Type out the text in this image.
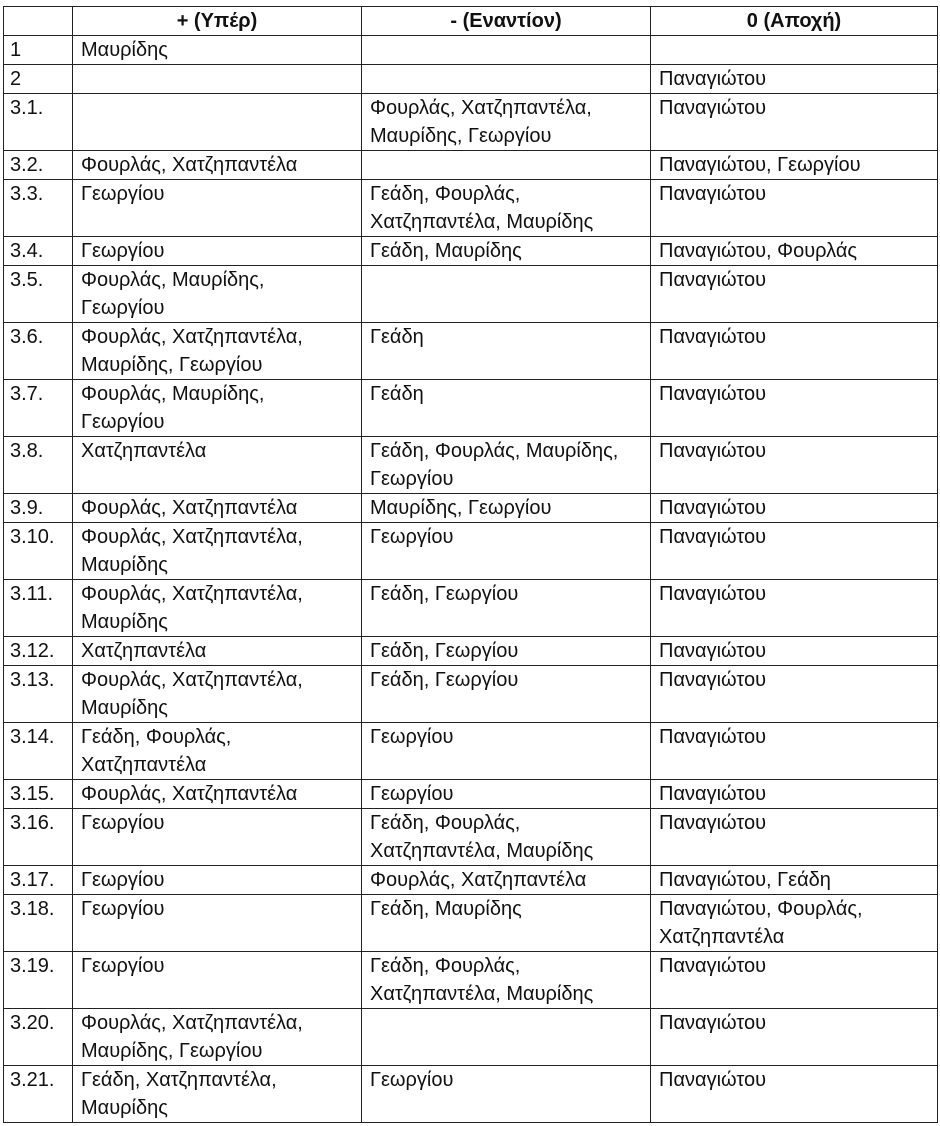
	+ (Υπέρ)	- (Εναντίον)	0 (Αποχή)
1	Μαυρίδης		
2			Παναγιώτου
3.1.		Φουρλάς, Χατζηπαντέλα, Μαυρίδης, Γεωργίου	Παναγιώτου
3.2.	Φουρλάς, Χατζηπαντέλα		Παναγιώτου, Γεωργίου
3.3.	Γεωργίου	Γεάδη, Φουρλάς, Χατζηπαντέλα, Μαυρίδης	Παναγιώτου
3.4.	Γεωργίου	Γεάδη, Μαυρίδης	Παναγιώτου, Φουρλάς
3.5.	Φουρλάς, Μαυρίδης, Γεωργίου		Παναγιώτου
3.6.	Φουρλάς, Χατζηπαντέλα, Μαυρίδης, Γεωργίου	Γεάδη	Παναγιώτου
3.7.	Φουρλάς, Μαυρίδης, Γεωργίου	Γεάδη	Παναγιώτου
3.8.	Χατζηπαντέλα	Γεάδη, Φουρλάς, Μαυρίδης, Γεωργίου	Παναγιώτου
3.9.	Φουρλάς, Χατζηπαντέλα	Μαυρίδης, Γεωργίου	Παναγιώτου
3.10.	Φουρλάς, Χατζηπαντέλα, Μαυρίδης	Γεωργίου	Παναγιώτου
3.11.	Φουρλάς, Χατζηπαντέλα, Μαυρίδης	Γεάδη, Γεωργίου	Παναγιώτου
3.12.	Χατζηπαντέλα	Γεάδη, Γεωργίου	Παναγιώτου
3.13.	Φουρλάς, Χατζηπαντέλα, Μαυρίδης	Γεάδη, Γεωργίου	Παναγιώτου
3.14.	Γεάδη, Φουρλάς, Χατζηπαντέλα	Γεωργίου	Παναγιώτου
3.15.	Φουρλάς, Χατζηπαντέλα	Γεωργίου	Παναγιώτου
3.16.	Γεωργίου	Γεάδη, Φουρλάς, Χατζηπαντέλα, Μαυρίδης	Παναγιώτου
3.17.	Γεωργίου	Φουρλάς, Χατζηπαντέλα	Παναγιώτου, Γεάδη
3.18.	Γεωργίου	Γεάδη, Μαυρίδης	Παναγιώτου, Φουρλάς, Χατζηπαντέλα
3.19.	Γεωργίου	Γεάδη, Φουρλάς, Χατζηπαντέλα, Μαυρίδης	Παναγιώτου
3.20.	Φουρλάς, Χατζηπαντέλα, Μαυρίδης, Γεωργίου		Παναγιώτου
3.21.	Γεάδη, Χατζηπαντέλα, Μαυρίδης	Γεωργίου	Παναγιώτου
